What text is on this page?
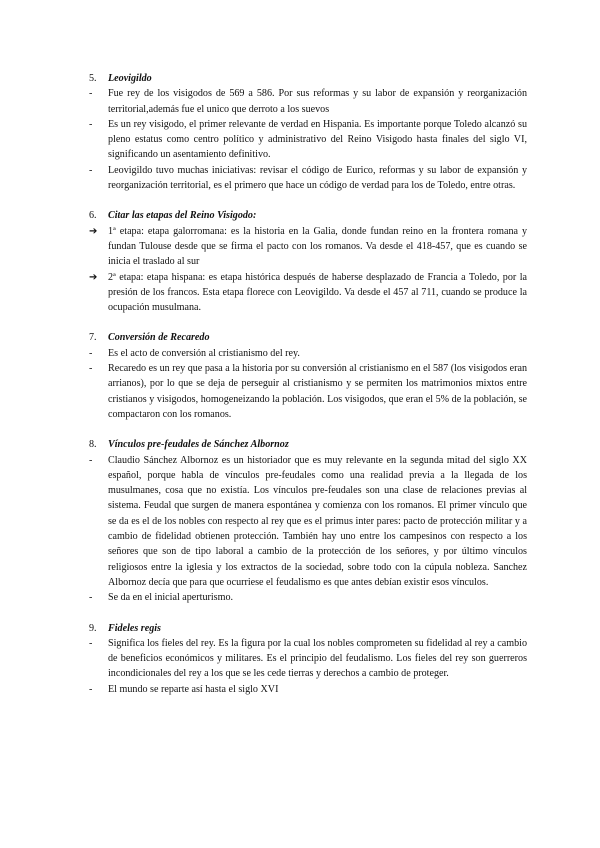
5. Leovigildo
-	Fue rey de los visigodos de 569 a 586. Por sus reformas y su labor de expansión y reorganización territorial,además fue el unico que derroto a los suevos
-	Es un rey visigodo, el primer relevante de verdad en Hispania. Es importante porque Toledo alcanzó su pleno estatus como centro político y administrativo del Reino Visigodo hasta finales del siglo VI, significando un asentamiento definitivo.
-	Leovigildo tuvo muchas iniciativas: revisar el código de Eurico, reformas y su labor de expansión y reorganización territorial, es el primero que hace un código de verdad para los de Toledo, entre otras.
6. Citar las etapas del Reino Visigodo:
➔	1ª etapa: etapa galorromana: es la historia en la Galia, donde fundan reino en la frontera romana y fundan Tulouse desde que se firma el pacto con los romanos. Va desde el 418-457, que es cuando se inicia el traslado al sur
➔	2ª etapa: etapa hispana: es etapa histórica después de haberse desplazado de Francia a Toledo, por la presión de los francos. Esta etapa florece con Leovigildo. Va desde el 457 al 711, cuando se produce la ocupación musulmana.
7. Conversión de Recaredo
-	Es el acto de conversión al cristianismo del rey.
-	Recaredo es un rey que pasa a la historia por su conversión al cristianismo en el 587 (los visigodos eran arrianos), por lo que se deja de perseguir al cristianismo y se permiten los matrimonios mixtos entre cristianos y visigodos, homogeneizando la población. Los visigodos, que eran el 5% de la población, se compactaron con los romanos.
8. Vínculos pre-feudales de Sánchez Albornoz
-	Claudio Sánchez Albornoz es un historiador que es muy relevante en la segunda mitad del siglo XX español, porque habla de vínculos pre-feudales como una realidad previa a la llegada de los musulmanes, cosa que no existía. Los vínculos pre-feudales son una clase de relaciones previas al sistema. Feudal que surgen de manera espontánea y comienza con los romanos. El primer vínculo que se da es el de los nobles con respecto al rey que es el primus inter pares: pacto de protección militar y a cambio de fidelidad obtienen protección. También hay uno entre los campesinos con respecto a los señores que son de tipo laboral a cambio de la protección de los señores, y por último vínculos religiosos entre la iglesia y los extractos de la sociedad, sobre todo con la cúpula nobleza. Sanchez Albornoz decía que para que ocurriese el feudalismo es que antes debían existir esos vínculos.
-	Se da en el inicial aperturismo.
9. Fideles regis
-	Significa los fieles del rey. Es la figura por la cual los nobles comprometen su fidelidad al rey a cambio de beneficios económicos y militares. Es el principio del feudalismo. Los fieles del rey son guerreros incondicionales del rey a los que se les cede tierras y derechos a cambio de proteger.
-	El mundo se reparte así hasta el siglo XVI
